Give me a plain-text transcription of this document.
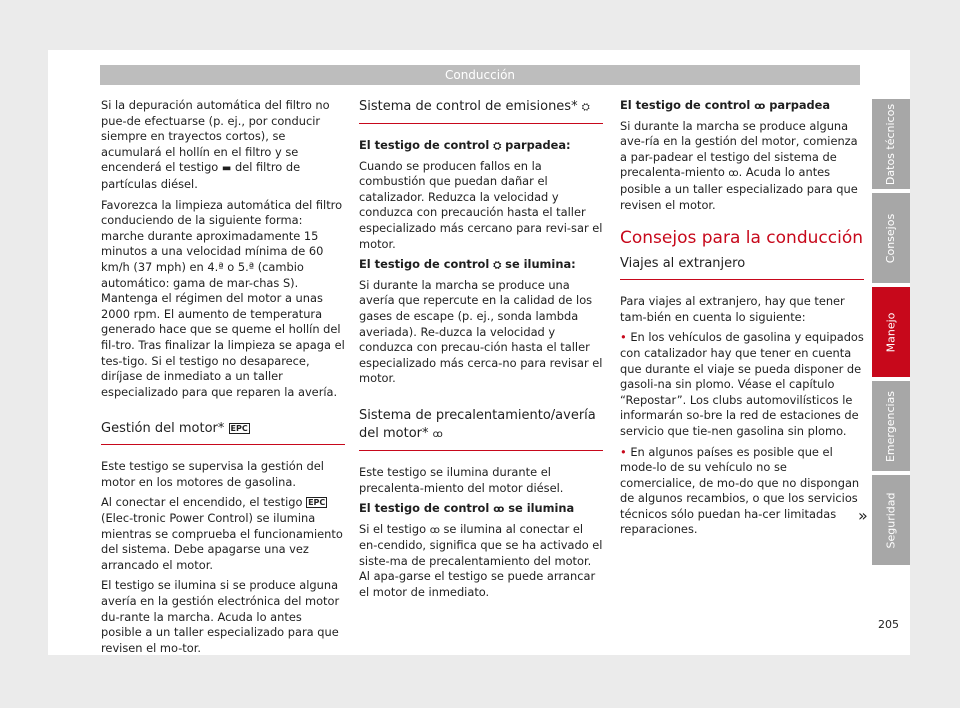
Conducción

Si la depuración automática del filtro no pue-de efectuarse (p. ej., por conducir siempre en trayectos cortos), se acumulará el hollín en el filtro y se encenderá el testigo ▬ del filtro de partículas diésel.

Favorezca la limpieza automática del filtro conduciendo de la siguiente forma: marche durante aproximadamente 15 minutos a una velocidad mínima de 60 km/h (37 mph) en 4.ª o 5.ª (cambio automático: gama de mar-chas S). Mantenga el régimen del motor a unas 2000 rpm. El aumento de temperatura generado hace que se queme el hollín del fil-tro. Tras finalizar la limpieza se apaga el tes-tigo. Si el testigo no desaparece, diríjase de inmediato a un taller especializado para que reparen la avería.

Gestión del motor* EPC

Este testigo se supervisa la gestión del motor en los motores de gasolina.

Al conectar el encendido, el testigo EPC (Elec-tronic Power Control) se ilumina mientras se comprueba el funcionamiento del sistema. Debe apagarse una vez arrancado el motor.

El testigo se ilumina si se produce alguna avería en la gestión electrónica del motor du-rante la marcha. Acuda lo antes posible a un taller especializado para que revisen el mo-tor.

Sistema de control de emisiones* ⛭
El testigo de control ⛭ parpadea:

Cuando se producen fallos en la combustión que puedan dañar el catalizador. Reduzca la velocidad y conduzca con precaución hasta el taller especializado más cercano para revi-sar el motor.

El testigo de control ⛭ se ilumina:

Si durante la marcha se produce una avería que repercute en la calidad de los gases de escape (p. ej., sonda lambda averiada). Re-duzca la velocidad y conduzca con precau-ción hasta el taller especializado más cerca-no para revisar el motor.

Sistema de precalentamiento/avería del motor* ꝏ

Este testigo se ilumina durante el precalenta-miento del motor diésel.

El testigo de control ꝏ se ilumina

Si el testigo ꝏ se ilumina al conectar el en-cendido, significa que se ha activado el siste-ma de precalentamiento del motor. Al apa-garse el testigo se puede arrancar el motor de inmediato.

El testigo de control ꝏ parpadea

Si durante la marcha se produce alguna ave-ría en la gestión del motor, comienza a par-padear el testigo del sistema de precalenta-miento ꝏ. Acuda lo antes posible a un taller especializado para que revisen el motor.

Consejos para la conducción
Viajes al extranjero

Para viajes al extranjero, hay que tener tam-bién en cuenta lo siguiente:

• En los vehículos de gasolina y equipados con catalizador hay que tener en cuenta que durante el viaje se pueda disponer de gasoli-na sin plomo. Véase el capítulo “Repostar”. Los clubs automovilísticos le informarán so-bre la red de estaciones de servicio que tie-nen gasolina sin plomo.

• En algunos países es posible que el mode-lo de su vehículo no se comercialice, de mo-do que no dispongan de algunos recambios, o que los servicios técnicos sólo puedan ha-cer limitadas reparaciones.

»
Datos técnicos
Consejos
Manejo
Emergencias
Seguridad
205
